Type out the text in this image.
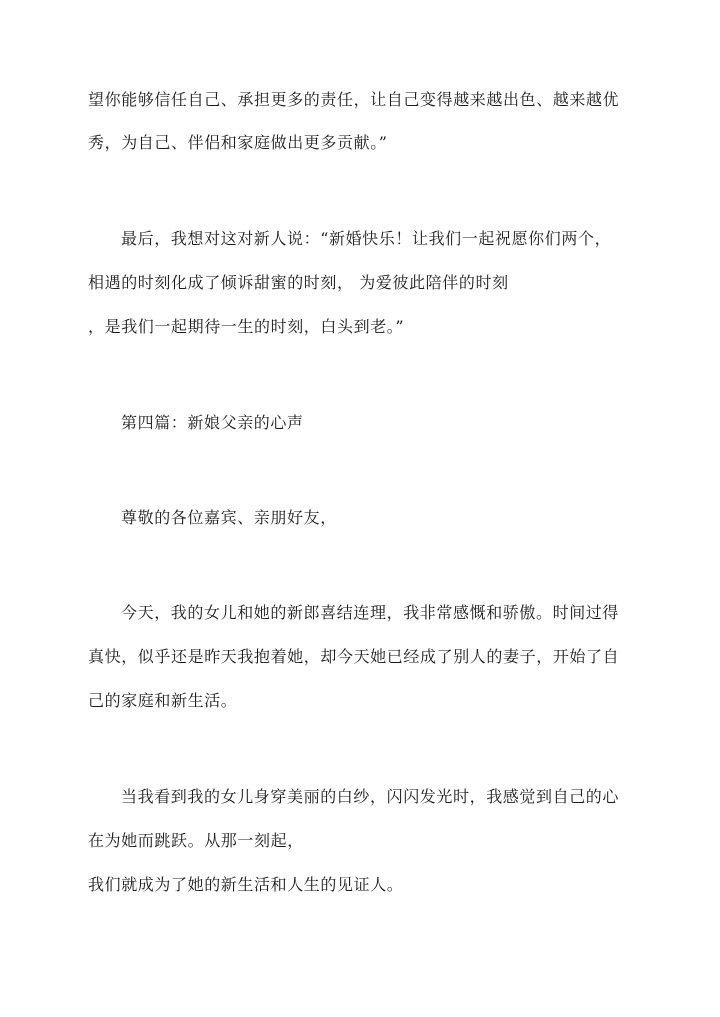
望你能够信任自己、承担更多的责任，让自己变得越来越出色、越来越优
秀，为自己、伴侣和家庭做出更多贡献。”
最后，我想对这对新人说：“新婚快乐！让我们一起祝愿你们两个，
相遇的时刻化成了倾诉甜蜜的时刻， 为爱彼此陪伴的时刻
，是我们一起期待一生的时刻，白头到老。”
第四篇：新娘父亲的心声
尊敬的各位嘉宾、亲朋好友，
今天，我的女儿和她的新郎喜结连理，我非常感慨和骄傲。时间过得
真快，似乎还是昨天我抱着她，却今天她已经成了别人的妻子，开始了自
己的家庭和新生活。
当我看到我的女儿身穿美丽的白纱，闪闪发光时，我感觉到自己的心
在为她而跳跃。从那一刻起，
我们就成为了她的新生活和人生的见证人。
